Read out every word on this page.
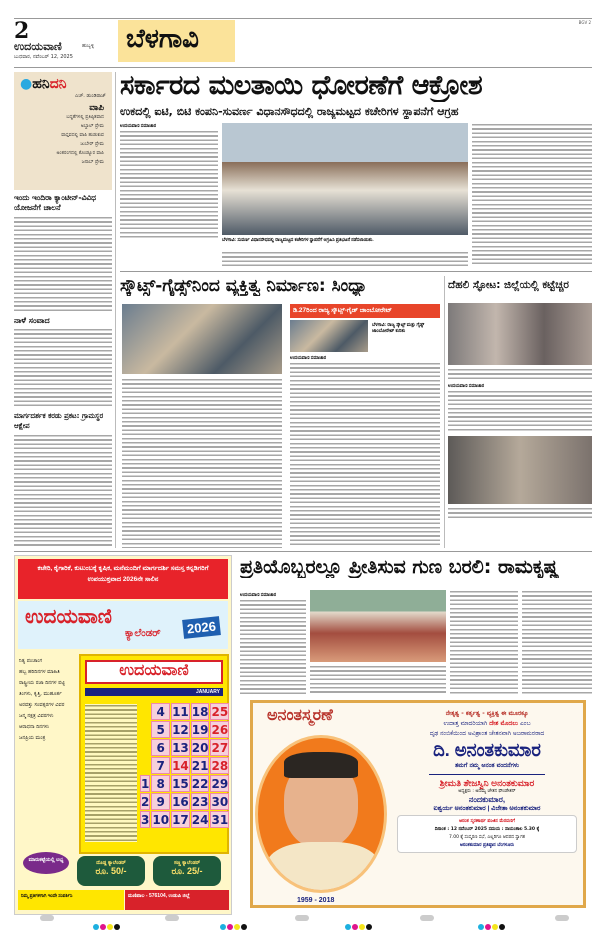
2
ಉದಯವಾಣಿ	ಹುಬ್ಬಳ್ಳಿ
ಬುಧವಾರ, ನವೆಂಬರ್ 12, 2025
ಬೆಳಗಾವಿ
BGV 2
●ಹನಿದನಿ
ಎಚ್. ಡುಂಡಿರಾಜ್
ವಾಪಿ
ಬದ್ಧತೆಗಳಲ್ಲಿ ಪ್ರತಿಷ್ಠಿತವಾದ
ಅಬ್ದಾಲ್ ಪ್ರೇಮ
ವಾಸ್ತವದಲ್ಲಿ ವಾಪಿ ಹುಡುಕುವ
ಜುಬೇರ್ ಪ್ರೇಮ
ಅಂತರಂಗದಲ್ಲಿ ಕೊಂಡ್ಯೂರ ವಾಪಿ
ಜನಾಬ್ ಪ್ರೇಮ
ಇಂದು ಇಂದಿರಾ ಕ್ಯಾಂಟೀನ್-ವಿವಿಧ ಯೋಜನೆಗೆ ಚಾಲನೆ
ನಾಳೆ ಸಂವಾದ
ಮಾರ್ಗದರ್ಶಕ ಕರಡು ಪ್ರಕಟ: ಗ್ರಾಮಸ್ಥರ ಆಕ್ಷೇಪ
ಸರ್ಕಾರದ ಮಲತಾಯಿ ಧೋರಣೆಗೆ ಆಕ್ರೋಶ
ಉಕದಲ್ಲಿ ಐಟಿ, ಬಿಟಿ ಕಂಪನಿ-ಸುವರ್ಣ ವಿಧಾನಸೌಧದಲ್ಲಿ ರಾಜ್ಯಮಟ್ಟದ ಕಚೇರಿಗಳ ಸ್ಥಾಪನೆಗೆ ಆಗ್ರಹ
ಉದಯವಾಣಿ ಸಮಾಚಾರ
ಬೆಳಗಾವಿ: ಸುವರ್ಣ ವಿಧಾನಸೌಧದಲ್ಲಿ ರಾಜ್ಯಮಟ್ಟದ ಕಚೇರಿಗಳ ಸ್ಥಾಪನೆಗೆ ಆಗ್ರಹಿಸಿ ಪ್ರತಿಭಟನೆ ನಡೆಸಲಾಯಿತು.
ಸ್ಕೌಟ್ಸ್-ಗೈಡ್ಸ್‌ನಿಂದ ವ್ಯಕ್ತಿತ್ವ ನಿರ್ಮಾಣ: ಸಿಂಧ್ಯಾ
ಡಿ.27ರಿಂದ ರಾಜ್ಯ ಸ್ಕೌಟ್ಸ್-ಗೈಡ್ ಜಾಂಬೋರೇಟ್
ಬೆಳಗಾವಿ: ರಾಜ್ಯ ಸ್ಕೌಟ್ಸ್ ಮತ್ತು ಗೈಡ್ಸ್ ಜಾಂಬೋರೇಟ್ ಕುರಿತು
ಉದಯವಾಣಿ ಸಮಾಚಾರ
ದೆಹಲಿ ಸ್ಫೋಟ: ಜಿಲ್ಲೆಯಲ್ಲಿ ಕಟ್ಟೆಚ್ಚರ
ಉದಯವಾಣಿ ಸಮಾಚಾರ
ಕಚೇರಿ, ಕೈಗಾರಿಕೆ, ಕುಟುಂಬಕ್ಕೆ ಕೃಷಿಕ, ಮನೆಮಂದಿಗೆ ಮಾರ್ಗದರ್ಶಿ ಸಮಸ್ತ ಕನ್ನಡಿಗರಿಗೆ ಉಪಯುಕ್ತವಾದ 2026ನೇ ಸಾಲಿನ
ಉದಯವಾಣಿ
ಕ್ಯಾಲೆಂಡರ್	2026
ನಿತ್ಯ ಪಂಚಾಂಗ
ಹಬ್ಬ ಹರಿದಿನಗಳ ಮಾಹಿತಿ
ರಾಷ್ಟ್ರೀಯ ರಜಾ ದಿನಗಳ ಪಟ್ಟಿ
ತಿಂಗಳು, ಕೃತ್ತಿ, ಮುಹೂರ್ತ
ಅರವತ್ತು ಸಂವತ್ಸರಗಳ ವಿವರ
ಜನ್ಮ ನಕ್ಷತ್ರ ವಿವರಗಳು
ಆರಾಧನಾ ದಿನಗಳು
ಜನಪ್ರಿಯ ಮಂತ್ರ
ಉದಯವಾಣಿ
JANUARY
	4	11	18	25
	5	12	19	26
	6	13	20	27
	7	14	21	28
1	8	15	22	29
2	9	16	23	30
3	10	17	24	31
ಮಾರುಕಟ್ಟೆಯಲ್ಲಿ ಲಭ್ಯ	ದೊಡ್ಡ ಕ್ಯಾಲೆಂಡರ್
ರೂ. 50/-
ಸಣ್ಣ ಕ್ಯಾಲೆಂಡರ್
ರೂ. 25/-
ನಿಮ್ಮ ಪ್ರತಿಗಳಿಗಾಗಿ ಇಂದೇ ಸಂಪರ್ಕಿಸಿ	ಮಣಿಪಾಲ - 576104, ಉಡುಪಿ ಜಿಲ್ಲೆ
ಪ್ರತಿಯೊಬ್ಬರಲ್ಲೂ ಪ್ರೀತಿಸುವ ಗುಣ ಬರಲಿ: ರಾಮಕೃಷ್ಣ
ಉದಯವಾಣಿ ಸಮಾಚಾರ
ಅನಂತಸ್ಮರಣೆ
1959 - 2018
ನೇತೃತ್ವ - ಕರ್ತೃತ್ವ - ವ್ಯಕ್ತಿತ್ವ ಈ ಮೂರಕ್ಕೂ
ಉದಾತ್ತ ಮಾದರಿಯಾಗಿ ದೇಶ ಮೊದಲು ಎಂಬ
ದೃಢ ನಂಬಿಕೆಯಿಂದ ಅವಿಶ್ರಾಂತ ಚೇತನವಾಗಿ ಅಜರಾಮರರಾದ
ದಿ. ಅನಂತಕುಮಾರ
ತಮಗೆ ನಮ್ಮ ಅನಂತ ವಂದನೆಗಳು
ಶ್ರೀಮತಿ ತೇಜಸ್ವಿನಿ ಅನಂತಕುಮಾರ
ಅಧ್ಯಕ್ಷರು : ಅದಮ್ಯ ಚೇತನ ಫೌಂಡೇಶನ್
ನಂದಕುಮಾರ,
ಐಶ್ವರ್ಯ ಅನಂತಕುಮಾರ | ವಿಜೇತಾ ಅನಂತಕುಮಾರ
ಅನಂತ ಸ್ಮರಣಾರ್ಥ ಪಂಜಿನ ಮೆರವಣಿಗೆ
ದಿನಾಂಕ : 12 ನವೆಂಬರ್ 2025 ಸಮಯ : ಸಾಯಂಕಾಲ 5.30 ಕ್ಕೆ
7.00 ಕ್ಕೆ ಸಂಸ್ಮರಣ ಸಭೆ, ಎಲ್ಲರಿಗೂ ಆದರದ ಸ್ವಾಗತ
ಅನಂತಕುಮಾರ ಪ್ರತಿಷ್ಠಾನ ಬೆಂಗಳೂರು
